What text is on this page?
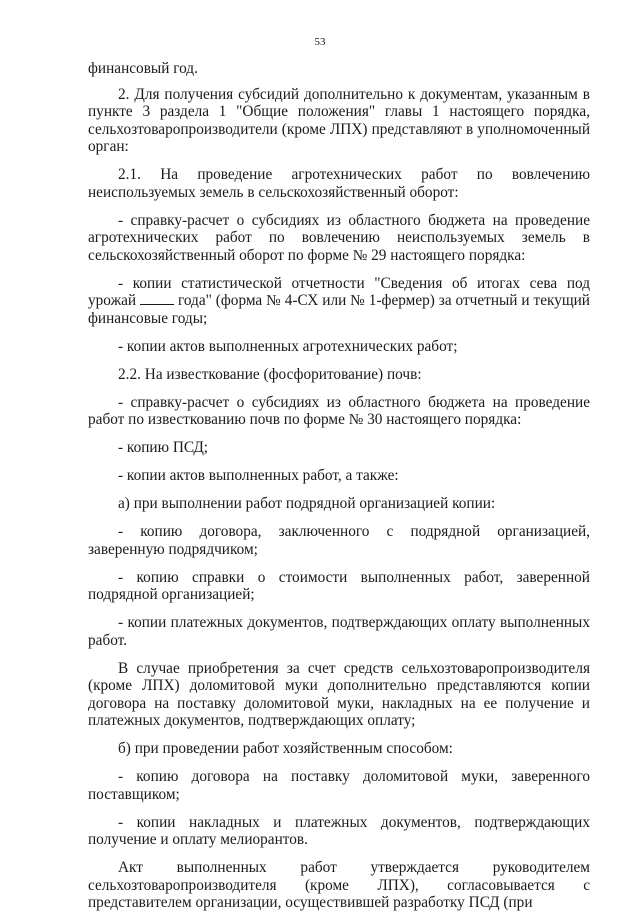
53

финансовый год.

2. Для получения субсидий дополнительно к документам, указанным в пункте 3 раздела 1 "Общие положения" главы 1 настоящего порядка, сельхозтоваропроизводители (кроме ЛПХ) представляют в уполномоченный орган:

2.1. На проведение агротехнических работ по вовлечению неиспользуемых земель в сельскохозяйственный оборот:

- справку-расчет о субсидиях из областного бюджета на проведение агротехнических работ по вовлечению неиспользуемых земель в сельскохозяйственный оборот по форме № 29 настоящего порядка:

- копии статистической отчетности "Сведения об итогах сева под урожай	года" (форма № 4-СХ или № 1-фермер) за отчетный и текущий финансовые годы;

- копии актов выполненных агротехнических работ;

2.2. На известкование (фосфоритование) почв:

- справку-расчет о субсидиях из областного бюджета на проведение работ по известкованию почв по форме № 30 настоящего порядка:

- копию ПСД;

- копии актов выполненных работ, а также:

а) при выполнении работ подрядной организацией копии:

- копию договора, заключенного с подрядной организацией, заверенную подрядчиком;

- копию справки о стоимости выполненных работ, заверенной подрядной организацией;

- копии платежных документов, подтверждающих оплату выполненных работ.

В случае приобретения за счет средств сельхозтоваропроизводителя (кроме ЛПХ) доломитовой муки дополнительно представляются копии договора на поставку доломитовой муки, накладных на ее получение и платежных документов, подтверждающих оплату;

б) при проведении работ хозяйственным способом:

- копию договора на поставку доломитовой муки, заверенного поставщиком;

- копии накладных и платежных документов, подтверждающих получение и оплату мелиорантов.

Акт выполненных работ утверждается руководителем сельхозтоваропроизводителя (кроме ЛПХ), согласовывается с представителем организации, осуществившей разработку ПСД (при
